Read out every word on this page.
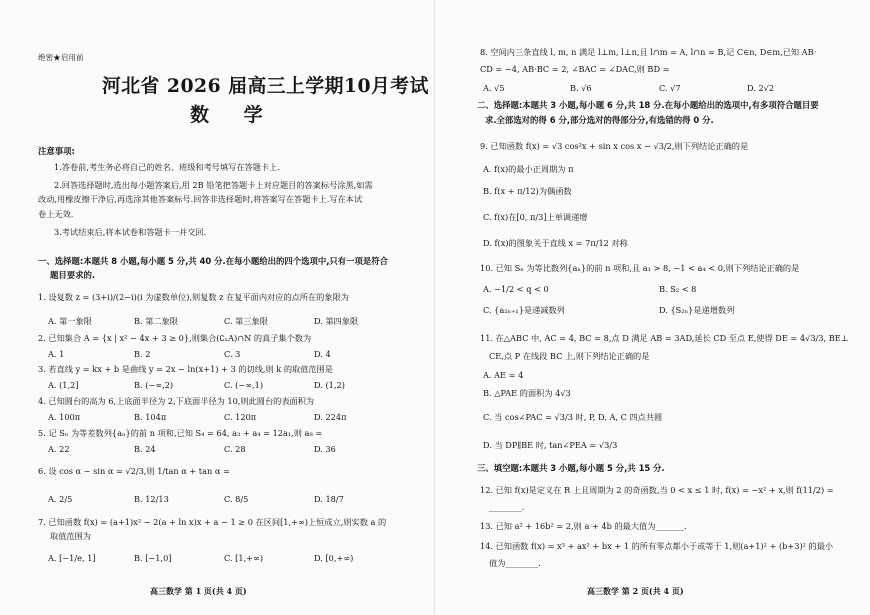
绝密★启用前
河北省 2026 届高三上学期10月考试
数 学
注意事项:
1.答卷前,考生务必将自己的姓名、班级和考号填写在答题卡上.
2.回答选择题时,选出每小题答案后,用 2B 铅笔把答题卡上对应题目的答案标号涂黑,如需
改动,用橡皮擦干净后,再选涂其他答案标号.回答非选择题时,将答案写在答题卡上.写在本试
卷上无效.
3.考试结束后,将本试卷和答题卡一并交回.
一、选择题:本题共 8 小题,每小题 5 分,共 40 分.在每小题给出的四个选项中,只有一项是符合
题目要求的.
1. 设复数 z = (3+i)/(2−i)(i 为虚数单位),则复数 z 在复平面内对应的点所在的象限为
A. 第一象限	B. 第二象限	C. 第三象限	D. 第四象限
2. 已知集合 A = {x | x² − 4x + 3 ≥ 0},则集合(∁ₓA)∩N 的真子集个数为
A. 1	B. 2	C. 3	D. 4
3. 若直线 y = kx + b 是曲线 y = 2x − ln(x+1) + 3 的切线,则 k 的取值范围是
A. (1,2]	B. (−∞,2)	C. (−∞,1)	D. (1,2)
4. 已知圆台的高为 6,上底面半径为 2,下底面半径为 10,则此圆台的表面积为
A. 100π	B. 104π	C. 120π	D. 224π
5. 记 Sₙ 为等差数列{aₙ}的前 n 项和,已知 S₄ = 64, a₃ + a₄ = 12a₁,则 a₈ =
A. 22	B. 24	C. 28	D. 36
6. 设 cos α − sin α = √2/3,则 1/tan α + tan α =
A. 2/5	B. 12/13	C. 8/5	D. 18/7
7. 已知函数 f(x) = (a+1)x² − 2(a + ln x)x + a − 1 ≥ 0 在区间[1,+∞)上恒成立,则实数 a 的
取值范围为
A. [−1/e, 1]	B. [−1,0]	C. [1,+∞)	D. [0,+∞)
高三数学 第 1 页(共 4 页)
8. 空间内三条直线 l, m, n 满足 l⊥m, l⊥n,且 l∩m = A, l∩n = B,记 C∈n, D∈m,已知 AB·
CD = −4, AB·BC = 2, ∠BAC = ∠DAC,则 BD =
A. √5	B. √6	C. √7	D. 2√2
二、选择题:本题共 3 小题,每小题 6 分,共 18 分.在每小题给出的选项中,有多项符合题目要
求.全部选对的得 6 分,部分选对的得部分分,有选错的得 0 分.
9. 已知函数 f(x) = √3 cos²x + sin x cos x − √3/2,则下列结论正确的是
A. f(x)的最小正周期为 π
B. f(x + π/12)为偶函数
C. f(x)在[0, π/3]上单调递增
D. f(x)的图象关于直线 x = 7π/12 对称
10. 已知 Sₙ 为等比数列{aₙ}的前 n 项和,且 a₁ > 8, −1 < a₄ < 0,则下列结论正确的是
A. −1/2 < q < 0	B. S₂ < 8
C. {a₂ₙ₊₁}是递减数列	D. {S₂ₙ}是递增数列
11. 在△ABC 中, AC = 4, BC = 8,点 D 满足 AB = 3AD,延长 CD 至点 E,使得 DE = 4√3/3, BE⊥
CE,点 P 在线段 BC 上,则下列结论正确的是
A. AE = 4
B. △PAE 的面积为 4√3
C. 当 cos∠PAC = √3/3 时, P, D, A, C 四点共圆
D. 当 DP∥BE 时, tan∠PEA = √3/3
三、填空题:本题共 3 小题,每小题 5 分,共 15 分.
12. 已知 f(x)是定义在 R 上且周期为 2 的奇函数,当 0 < x ≤ 1 时, f(x) = −x² + x,则 f(11/2) =
________.
13. 已知 a² + 16b² = 2,则 a + 4b 的最大值为_______.
14. 已知函数 f(x) = x³ + ax² + bx + 1 的所有零点都小于或等于 1,则(a+1)² + (b+3)² 的最小
值为________.
高三数学 第 2 页(共 4 页)
